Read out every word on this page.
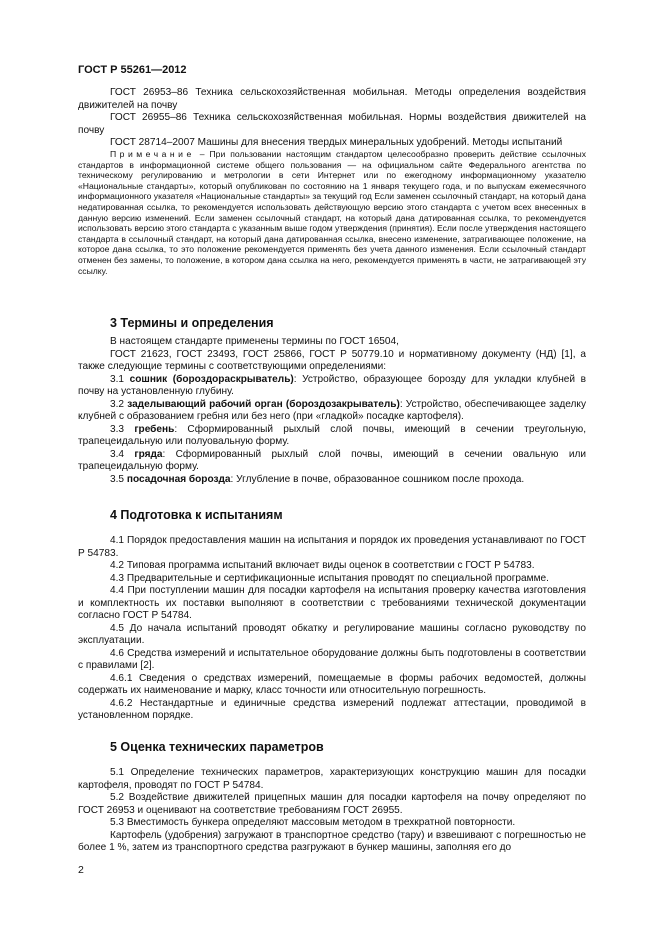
ГОСТ Р 55261—2012

ГОСТ 26953–86 Техника сельскохозяйственная мобильная. Методы определения воздействия движителей на почву

ГОСТ 26955–86 Техника сельскохозяйственная мобильная. Нормы воздействия движителей на почву

ГОСТ 28714–2007 Машины для внесения твердых минеральных удобрений. Методы испытаний

Примечание – При пользовании настоящим стандартом целесообразно проверить действие ссылочных стандартов в информационной системе общего пользования — на официальном сайте Федерального агентства по техническому регулированию и метрологии в сети Интернет или по ежегодному информационному указателю «Национальные стандарты», который опубликован по состоянию на 1 января текущего года, и по выпускам ежемесячного информационного указателя «Национальные стандарты» за текущий год Если заменен ссылочный стандарт, на который дана недатированная ссылка, то рекомендуется использовать действующую версию этого стандарта с учетом всех внесенных в данную версию изменений. Если заменен ссылочный стандарт, на который дана датированная ссылка, то рекомендуется использовать версию этого стандарта с указанным выше годом утверждения (принятия). Если после утверждения настоящего стандарта в ссылочный стандарт, на который дана датированная ссылка, внесено изменение, затрагивающее положение, на которое дана ссылка, то это положение рекомендуется применять без учета данного изменения. Если ссылочный стандарт отменен без замены, то положение, в котором дана ссылка на него, рекомендуется применять в части, не затрагивающей эту ссылку.

3 Термины и определения

В настоящем стандарте применены термины по ГОСТ 16504,

ГОСТ 21623, ГОСТ 23493, ГОСТ 25866, ГОСТ Р 50779.10 и нормативному документу (НД) [1], а также следующие термины с соответствующими определениями:

3.1 сошник (бороздораскрыватель): Устройство, образующее борозду для укладки клубней в почву на установленную глубину.

3.2 заделывающий рабочий орган (бороздозакрыватель): Устройство, обеспечивающее заделку клубней с образованием гребня или без него (при «гладкой» посадке картофеля).

3.3 гребень: Сформированный рыхлый слой почвы, имеющий в сечении треугольную, трапецеидальную или полуовальную форму.

3.4 гряда: Сформированный рыхлый слой почвы, имеющий в сечении овальную или трапецеидальную форму.

3.5 посадочная борозда: Углубление в почве, образованное сошником после прохода.

4 Подготовка к испытаниям

4.1 Порядок предоставления машин на испытания и порядок их проведения устанавливают по ГОСТ Р 54783.

4.2 Типовая программа испытаний включает виды оценок в соответствии с ГОСТ Р 54783.

4.3 Предварительные и сертификационные испытания проводят по специальной программе.

4.4 При поступлении машин для посадки картофеля на испытания проверку качества изготовления и комплектность их поставки выполняют в соответствии с требованиями технической документации согласно ГОСТ Р 54784.

4.5 До начала испытаний проводят обкатку и регулирование машины согласно руководству по эксплуатации.

4.6 Средства измерений и испытательное оборудование должны быть подготовлены в соответствии с правилами [2].

4.6.1 Сведения о средствах измерений, помещаемые в формы рабочих ведомостей, должны содержать их наименование и марку, класс точности или относительную погрешность.

4.6.2 Нестандартные и единичные средства измерений подлежат аттестации, проводимой в установленном порядке.

5 Оценка технических параметров

5.1 Определение технических параметров, характеризующих конструкцию машин для посадки картофеля, проводят по ГОСТ Р 54784.

5.2 Воздействие движителей прицепных машин для посадки картофеля на почву определяют по ГОСТ 26953 и оценивают на соответствие требованиям ГОСТ 26955.

5.3 Вместимость бункера определяют массовым методом в трехкратной повторности.

Картофель (удобрения) загружают в транспортное средство (тару) и взвешивают с погрешностью не более 1 %, затем из транспортного средства разгружают в бункер машины, заполняя его до

2
